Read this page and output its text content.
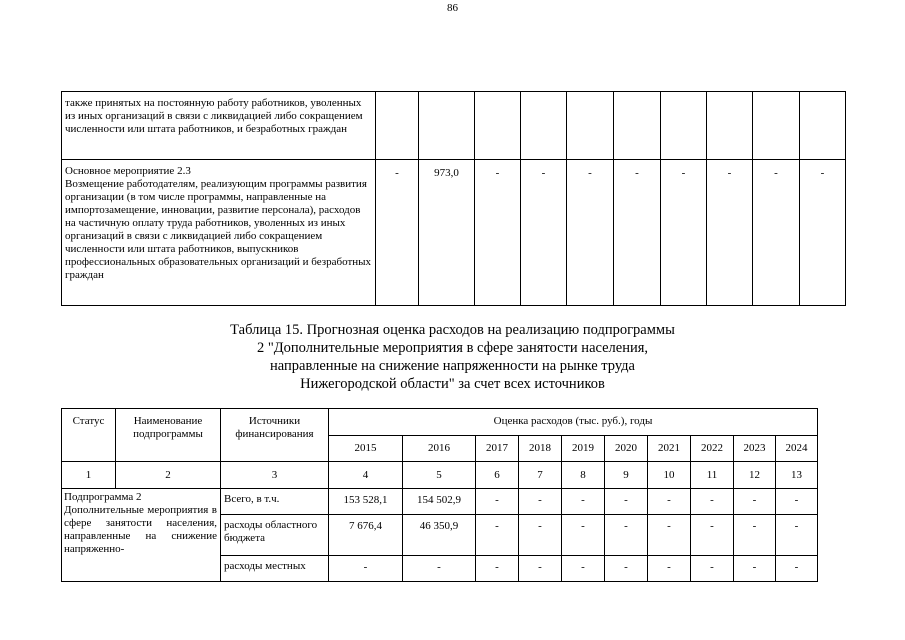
86
также принятых на постоянную работу работников, уволенных из иных организаций в связи с ликвидацией либо сокращением численности или штата работников, и безработных граждан										

Основное мероприятие 2.3
Возмещение работодателям, реализующим программы развития организации (в том числе программы, направленные на импортозамещение, инновации, развитие персонала), расходов на частичную оплату труда работников, уволенных из иных организаций в связи с ликвидацией либо сокращением численности или штата работников, выпускников профессиональных образовательных организаций и безработных граждан	-	973,0	-	-	-	-	-	-	-	-
Таблица 15. Прогнозная оценка расходов на реализацию подпрограммы 2 "Дополнительные мероприятия в сфере занятости населения, направленные на снижение напряженности на рынке труда Нижегородской области" за счет всех источников
Статус	Наименование подпрограммы	Источники финансирования	Оценка расходов (тыс. руб.), годы									
			2015	2016	2017	2018	2019	2020	2021	2022	2023	2024
1	2	3	4	5	6	7	8	9	10	11	12	13

Подпрограмма 2
Дополнительные мероприятия в сфере занятости населения, направленные на снижение напряженно-		Всего, в т.ч.	153 528,1	154 502,9	-	-	-	-	-	-	-	-
		расходы областного бюджета	7 676,4	46 350,9	-	-	-	-	-	-	-	-
		расходы местных	-	-	-	-	-	-	-	-	-	-
